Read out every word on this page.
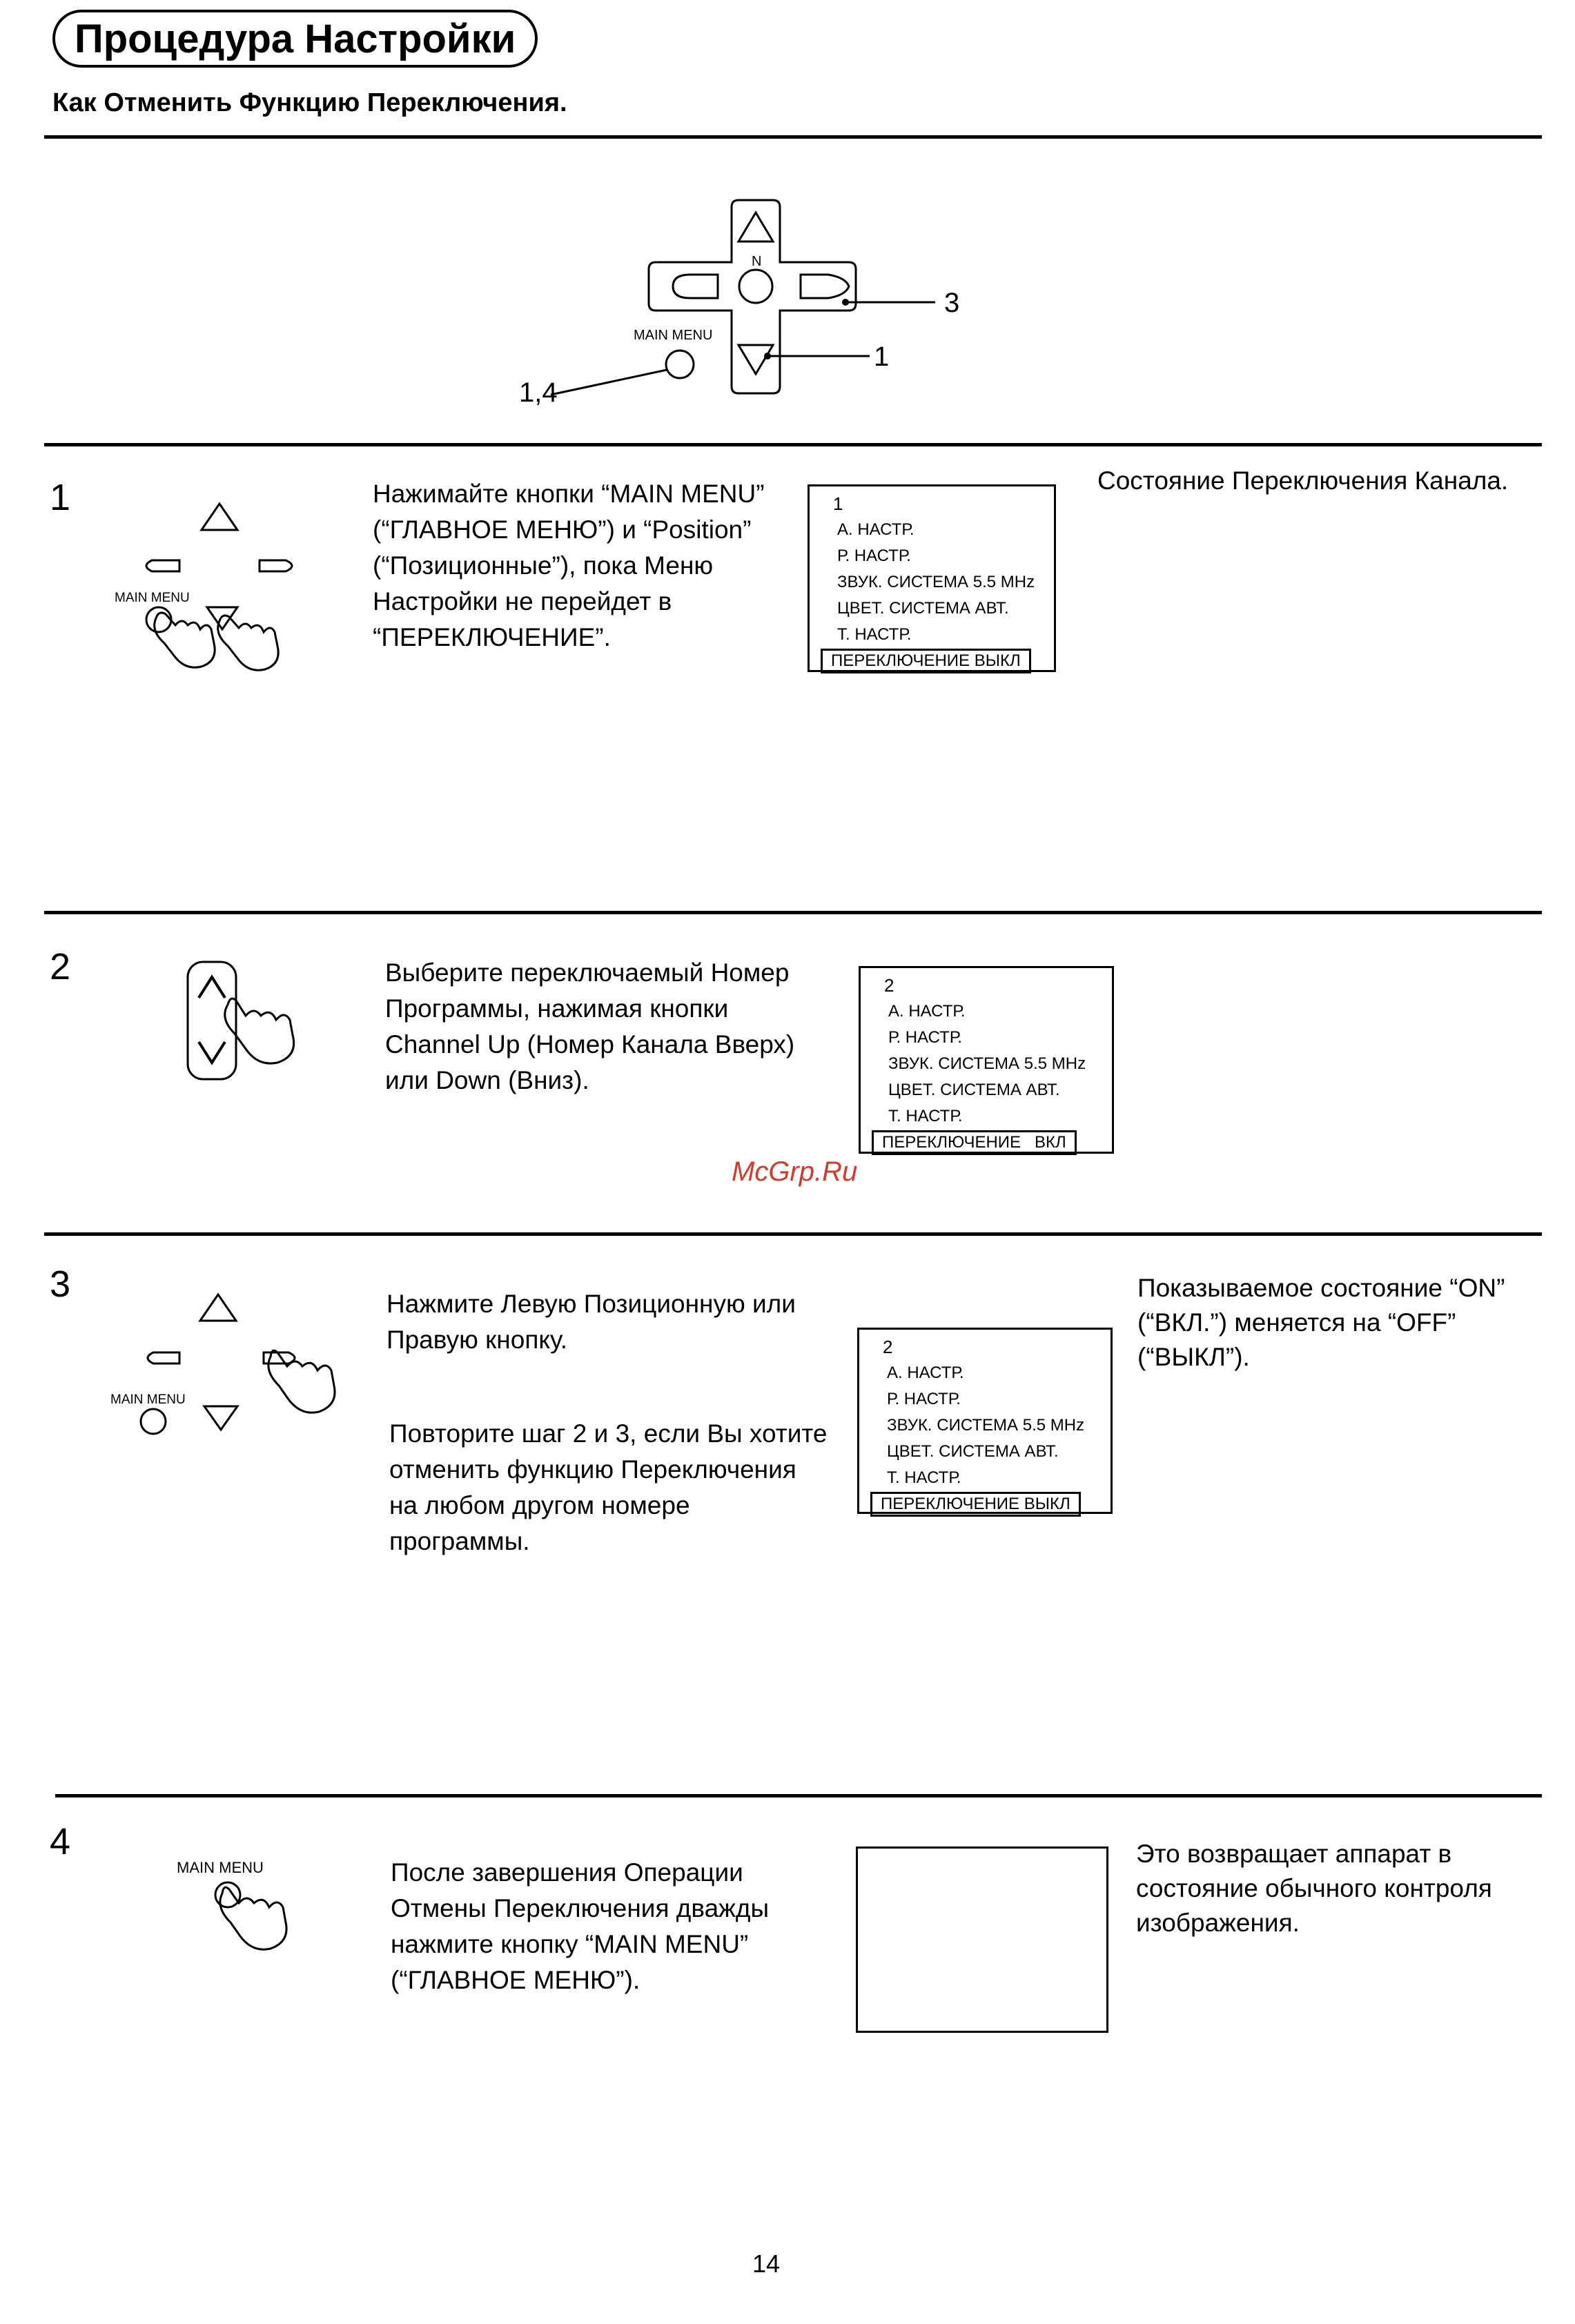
Процедура Настройки
Как Отменить Функцию Переключения.
N
MAIN MENU
3
1
1,4
1
MAIN MENU
Нажимайте кнопки “MAIN MENU” (“ГЛАВНОЕ МЕНЮ”) и “Position” (“Позиционные”), пока Меню Настройки не перейдет в “ПЕРЕКЛЮЧЕНИЕ”.
1
А. НАСТР.
Р. НАСТР.
ЗВУК. СИСТЕМА 5.5 MHz
ЦВЕТ. СИСТЕМА АВТ.
Т. НАСТР.
ПЕРЕКЛЮЧЕНИЕ ВЫКЛ
Состояние Переключения Канала.
2	Выберите переключаемый Номер Программы, нажимая кнопки Channel Up (Номер Канала Вверх) или Down (Вниз).
2
А. НАСТР.
Р. НАСТР.
ЗВУК. СИСТЕМА 5.5 MHz
ЦВЕТ. СИСТЕМА АВТ.
Т. НАСТР.
ПЕРЕКЛЮЧЕНИЕ   ВКЛ
McGrp.Ru
3
MAIN MENU
Нажмите Левую Позиционную или Правую кнопку.
Повторите шаг 2 и 3, если Вы хотите отменить функцию Переключения на любом другом номере программы.
2
А. НАСТР.
Р. НАСТР.
ЗВУК. СИСТЕМА 5.5 MHz
ЦВЕТ. СИСТЕМА АВТ.
Т. НАСТР.
ПЕРЕКЛЮЧЕНИЕ ВЫКЛ
Показываемое состояние “ON” (“ВКЛ.”) меняется на “OFF” (“ВЫКЛ”).
4
MAIN MENU	После завершения Операции Отмены Переключения дважды нажмите кнопку “MAIN MENU” (“ГЛАВНОЕ МЕНЮ”).
Это возвращает аппарат в состояние обычного контроля изображения.
14
